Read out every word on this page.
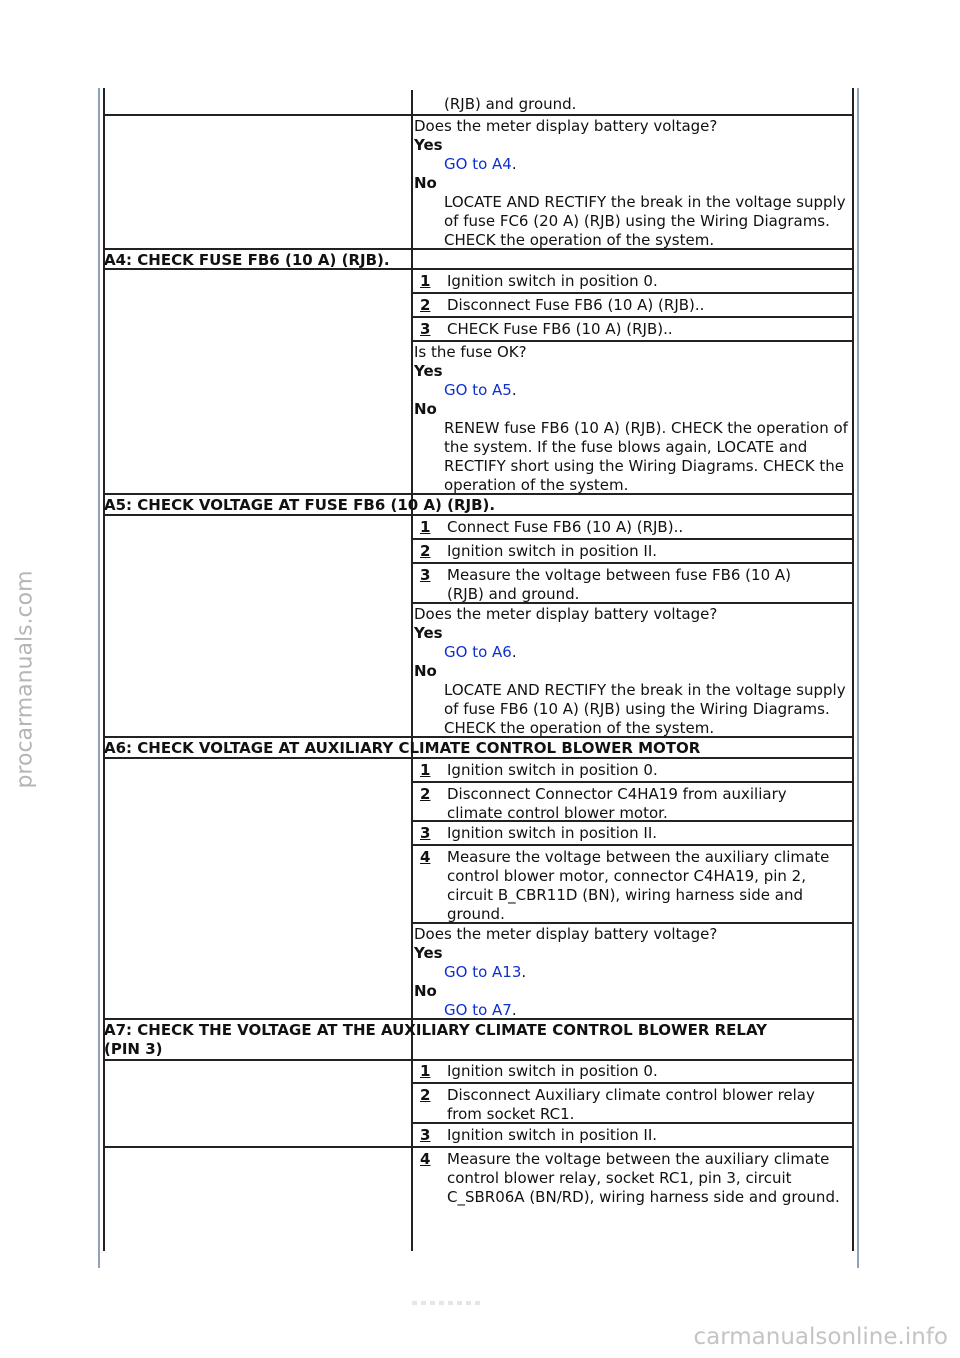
procarmanuals.com
carmanualsonline.info
(RJB) and ground.
Does the meter display battery voltage?
Yes
GO to A4.
No
LOCATE AND RECTIFY the break in the voltage supply of fuse FC6 (20 A) (RJB) using the Wiring Diagrams. CHECK the operation of the system.
A4: CHECK FUSE FB6 (10 A) (RJB).
1 Ignition switch in position 0.
2 Disconnect Fuse FB6 (10 A) (RJB)..
3 CHECK Fuse FB6 (10 A) (RJB)..
Is the fuse OK?
Yes
GO to A5.
No
RENEW fuse FB6 (10 A) (RJB). CHECK the operation of the system. If the fuse blows again, LOCATE and RECTIFY short using the Wiring Diagrams. CHECK the operation of the system.
A5: CHECK VOLTAGE AT FUSE FB6 (10 A) (RJB).
1 Connect Fuse FB6 (10 A) (RJB)..
2 Ignition switch in position II.
3 Measure the voltage between fuse FB6 (10 A) (RJB) and ground.
Does the meter display battery voltage?
Yes
GO to A6.
No
LOCATE AND RECTIFY the break in the voltage supply of fuse FB6 (10 A) (RJB) using the Wiring Diagrams. CHECK the operation of the system.
A6: CHECK VOLTAGE AT AUXILIARY CLIMATE CONTROL BLOWER MOTOR
1 Ignition switch in position 0.
2 Disconnect Connector C4HA19 from auxiliary climate control blower motor.
3 Ignition switch in position II.
4 Measure the voltage between the auxiliary climate control blower motor, connector C4HA19, pin 2, circuit B_CBR11D (BN), wiring harness side and ground.
Does the meter display battery voltage?
Yes
GO to A13.
No
GO to A7.
A7: CHECK THE VOLTAGE AT THE AUXILIARY CLIMATE CONTROL BLOWER RELAY
(PIN 3)
1 Ignition switch in position 0.
2 Disconnect Auxiliary climate control blower relay from socket RC1.
3 Ignition switch in position II.
4 Measure the voltage between the auxiliary climate control blower relay, socket RC1, pin 3, circuit C_SBR06A (BN/RD), wiring harness side and ground.
